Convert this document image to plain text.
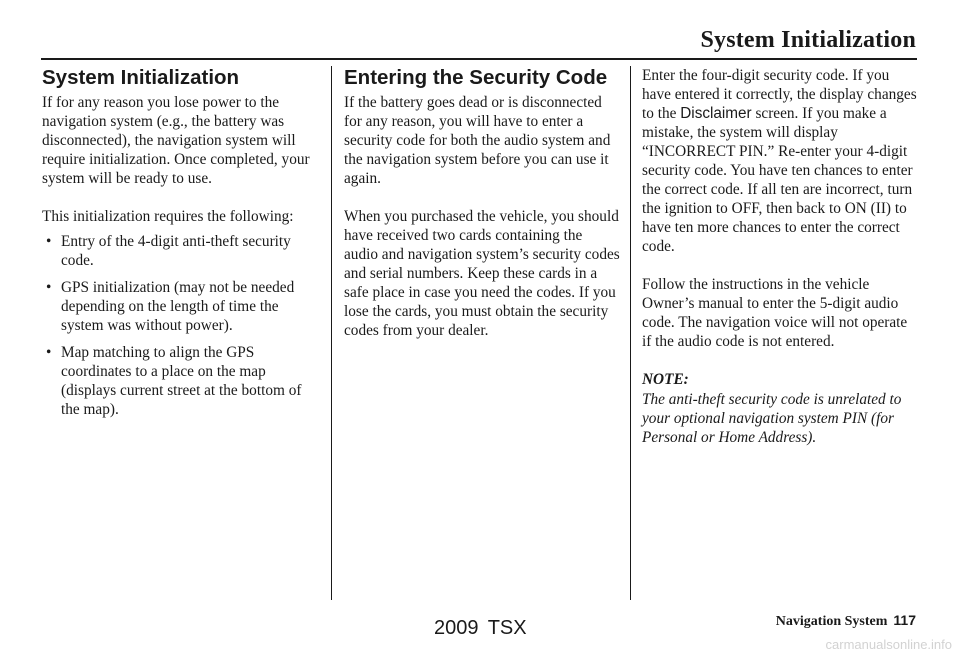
System Initialization
System Initialization

If for any reason you lose power to the navigation system (e.g., the battery was disconnected), the navigation system will require initialization. Once completed, your system will be ready to use.

This initialization requires the following:

• Entry of the 4-digit anti-theft security code.
• GPS initialization (may not be needed depending on the length of time the system was without power).
• Map matching to align the GPS coordinates to a place on the map (displays current street at the bottom of the map).
Entering the Security Code

If the battery goes dead or is disconnected for any reason, you will have to enter a security code for both the audio system and the navigation system before you can use it again.

When you purchased the vehicle, you should have received two cards containing the audio and navigation system’s security codes and serial numbers. Keep these cards in a safe place in case you need the codes. If you lose the cards, you must obtain the security codes from your dealer.

Enter the four-digit security code. If you have entered it correctly, the display changes to the Disclaimer screen. If you make a mistake, the system will display “INCORRECT PIN.” Re-enter your 4-digit security code. You have ten chances to enter the correct code. If all ten are incorrect, turn the ignition to OFF, then back to ON (II) to have ten more chances to enter the correct code.

Follow the instructions in the vehicle Owner’s manual to enter the 5-digit audio code. The navigation voice will not operate if the audio code is not entered.

NOTE:

The anti-theft security code is unrelated to your optional navigation system PIN (for Personal or Home Address).

Navigation System 117
2009 TSX
carmanualsonline.info
